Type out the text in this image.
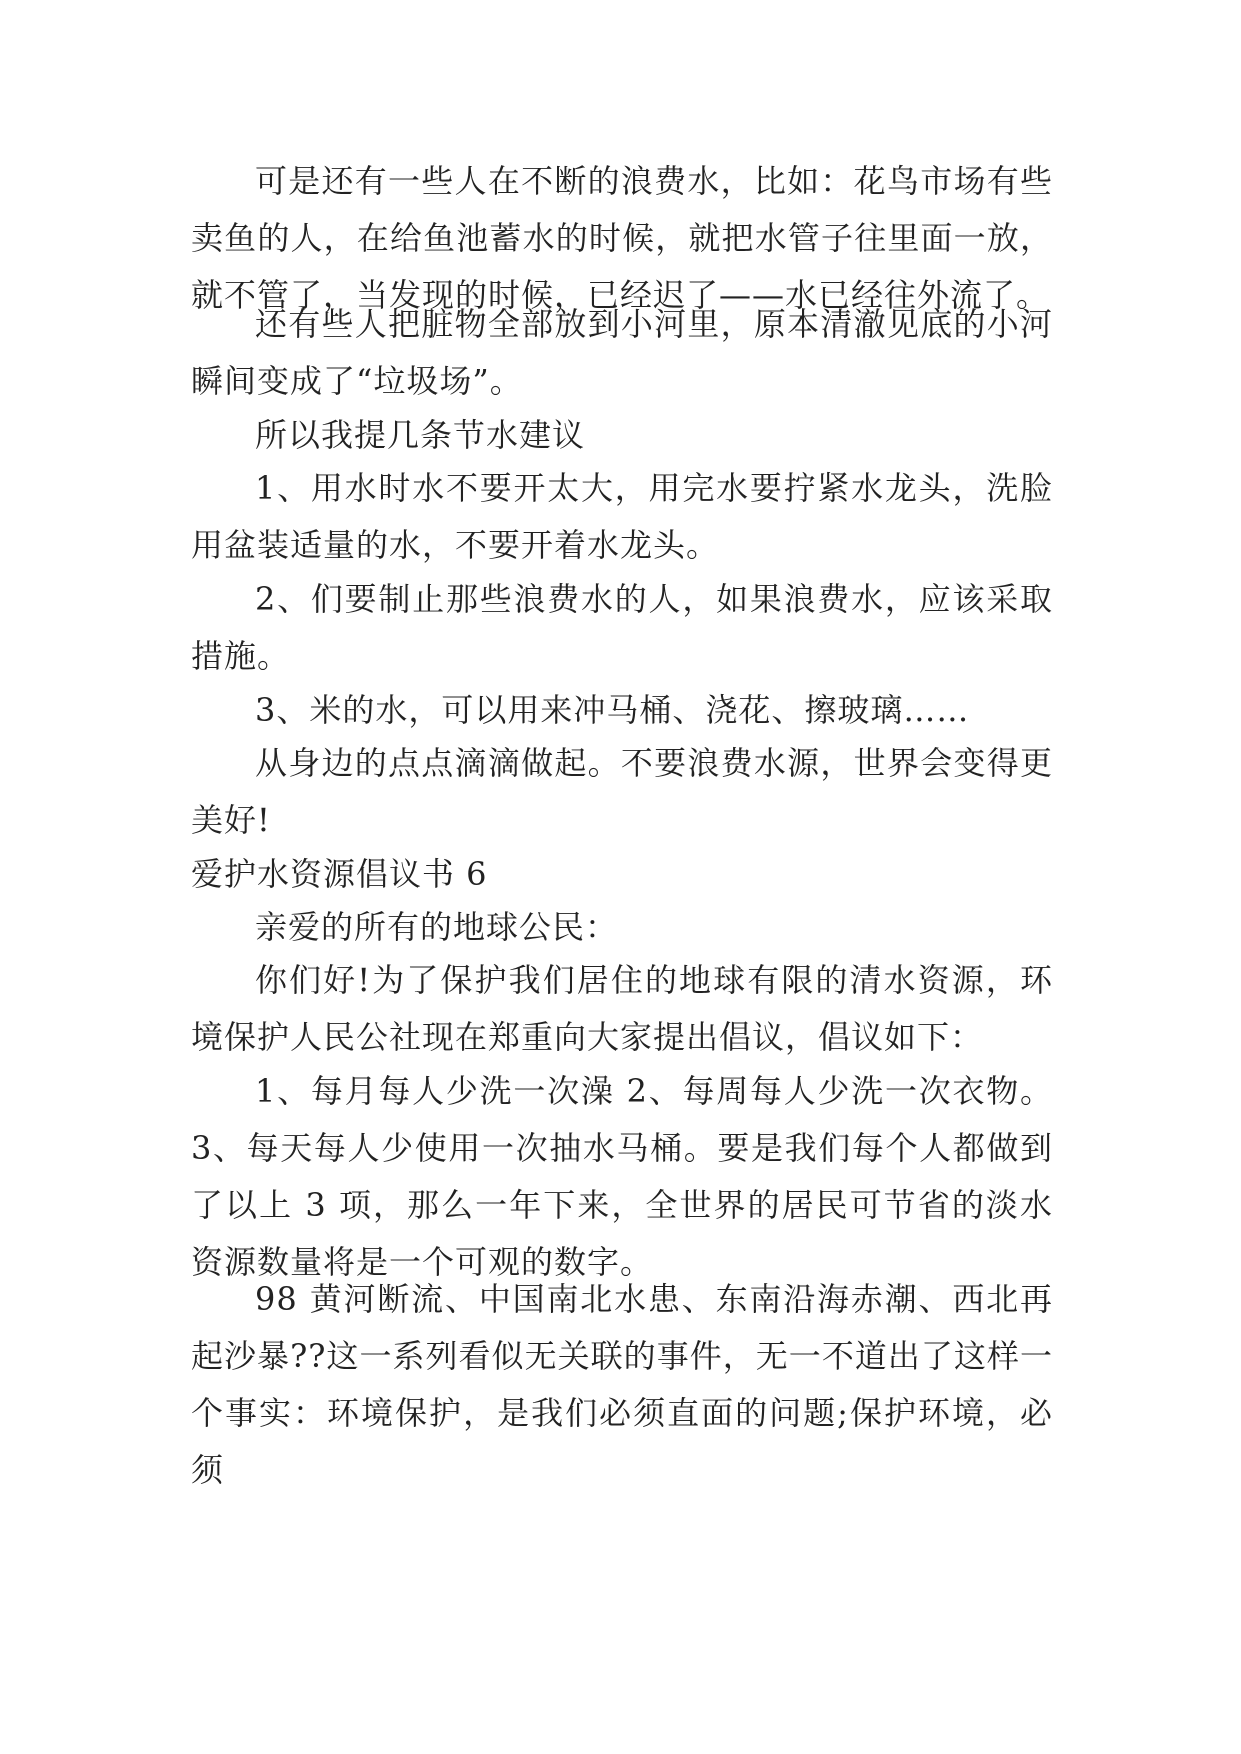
可是还有一些人在不断的浪费水，比如：花鸟市场有些卖鱼的人，在给鱼池蓄水的时候，就把水管子往里面一放，就不管了，当发现的时候，已经迟了——水已经往外流了。

还有些人把脏物全部放到小河里，原本清澈见底的小河瞬间变成了“垃圾场”。

所以我提几条节水建议

1、用水时水不要开太大，用完水要拧紧水龙头，洗脸用盆装适量的水，不要开着水龙头。

2、们要制止那些浪费水的人，如果浪费水，应该采取措施。

3、米的水，可以用来冲马桶、浇花、擦玻璃……

从身边的点点滴滴做起。不要浪费水源，世界会变得更美好!

爱护水资源倡议书 6

亲爱的所有的地球公民：

你们好!为了保护我们居住的地球有限的清水资源，环境保护人民公社现在郑重向大家提出倡议，倡议如下：

1、每月每人少洗一次澡 2、每周每人少洗一次衣物。3、每天每人少使用一次抽水马桶。要是我们每个人都做到了以上 3 项，那么一年下来，全世界的居民可节省的淡水资源数量将是一个可观的数字。

98 黄河断流、中国南北水患、东南沿海赤潮、西北再起沙暴??这一系列看似无关联的事件，无一不道出了这样一个事实：环境保护，是我们必须直面的问题;保护环境，必须
